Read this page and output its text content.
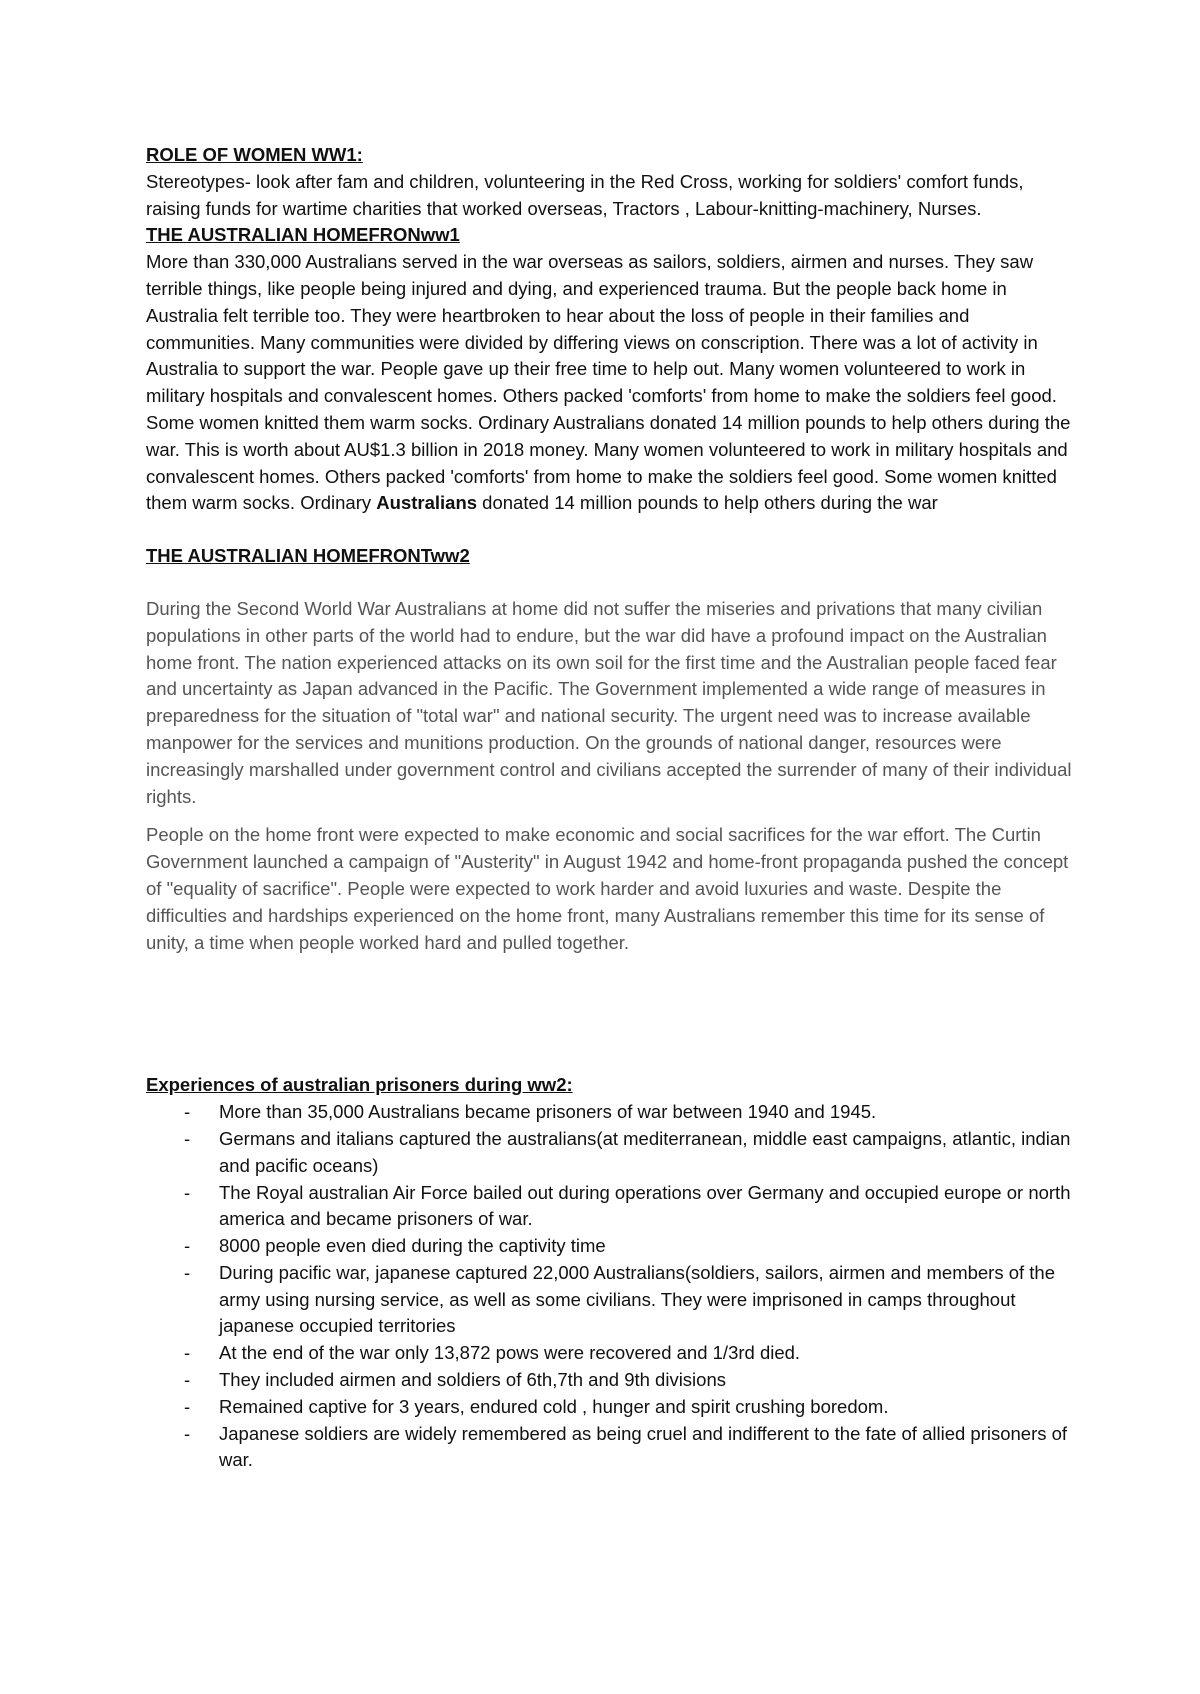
ROLE OF WOMEN WW1:

Stereotypes- look after fam and children, volunteering in the Red Cross, working for soldiers' comfort funds, raising funds for wartime charities that worked overseas, Tractors , Labour-knitting-machinery, Nurses.

THE AUSTRALIAN HOMEFRONww1

More than 330,000 Australians served in the war overseas as sailors, soldiers, airmen and nurses. They saw terrible things, like people being injured and dying, and experienced trauma. But the people back home in Australia felt terrible too. They were heartbroken to hear about the loss of people in their families and communities. Many communities were divided by differing views on conscription. There was a lot of activity in Australia to support the war. People gave up their free time to help out. Many women volunteered to work in military hospitals and convalescent homes. Others packed 'comforts' from home to make the soldiers feel good. Some women knitted them warm socks. Ordinary Australians donated 14 million pounds to help others during the war. This is worth about AU$1.3 billion in 2018 money. Many women volunteered to work in military hospitals and convalescent homes. Others packed 'comforts' from home to make the soldiers feel good. Some women knitted them warm socks. Ordinary Australians donated 14 million pounds to help others during the war

THE AUSTRALIAN HOMEFRONTww2

During the Second World War Australians at home did not suffer the miseries and privations that many civilian populations in other parts of the world had to endure, but the war did have a profound impact on the Australian home front. The nation experienced attacks on its own soil for the first time and the Australian people faced fear and uncertainty as Japan advanced in the Pacific. The Government implemented a wide range of measures in preparedness for the situation of "total war" and national security. The urgent need was to increase available manpower for the services and munitions production. On the grounds of national danger, resources were increasingly marshalled under government control and civilians accepted the surrender of many of their individual rights.

People on the home front were expected to make economic and social sacrifices for the war effort. The Curtin Government launched a campaign of "Austerity" in August 1942 and home-front propaganda pushed the concept of "equality of sacrifice". People were expected to work harder and avoid luxuries and waste. Despite the difficulties and hardships experienced on the home front, many Australians remember this time for its sense of unity, a time when people worked hard and pulled together.

Experiences of australian prisoners during ww2:

- More than 35,000 Australians became prisoners of war between 1940 and 1945.
- Germans and italians captured the australians(at mediterranean, middle east campaigns, atlantic, indian and pacific oceans)
- The Royal australian Air Force bailed out during operations over Germany and occupied europe or north america and became prisoners of war.
- 8000 people even died during the captivity time
- During pacific war, japanese captured 22,000 Australians(soldiers, sailors, airmen and members of the army using nursing service, as well as some civilians. They were imprisoned in camps throughout japanese occupied territories
- At the end of the war only 13,872 pows were recovered and 1/3rd died.
- They included airmen and soldiers of 6th,7th and 9th divisions
- Remained captive for 3 years, endured cold , hunger and spirit crushing boredom.
- Japanese soldiers are widely remembered as being cruel and indifferent to the fate of allied prisoners of war.
